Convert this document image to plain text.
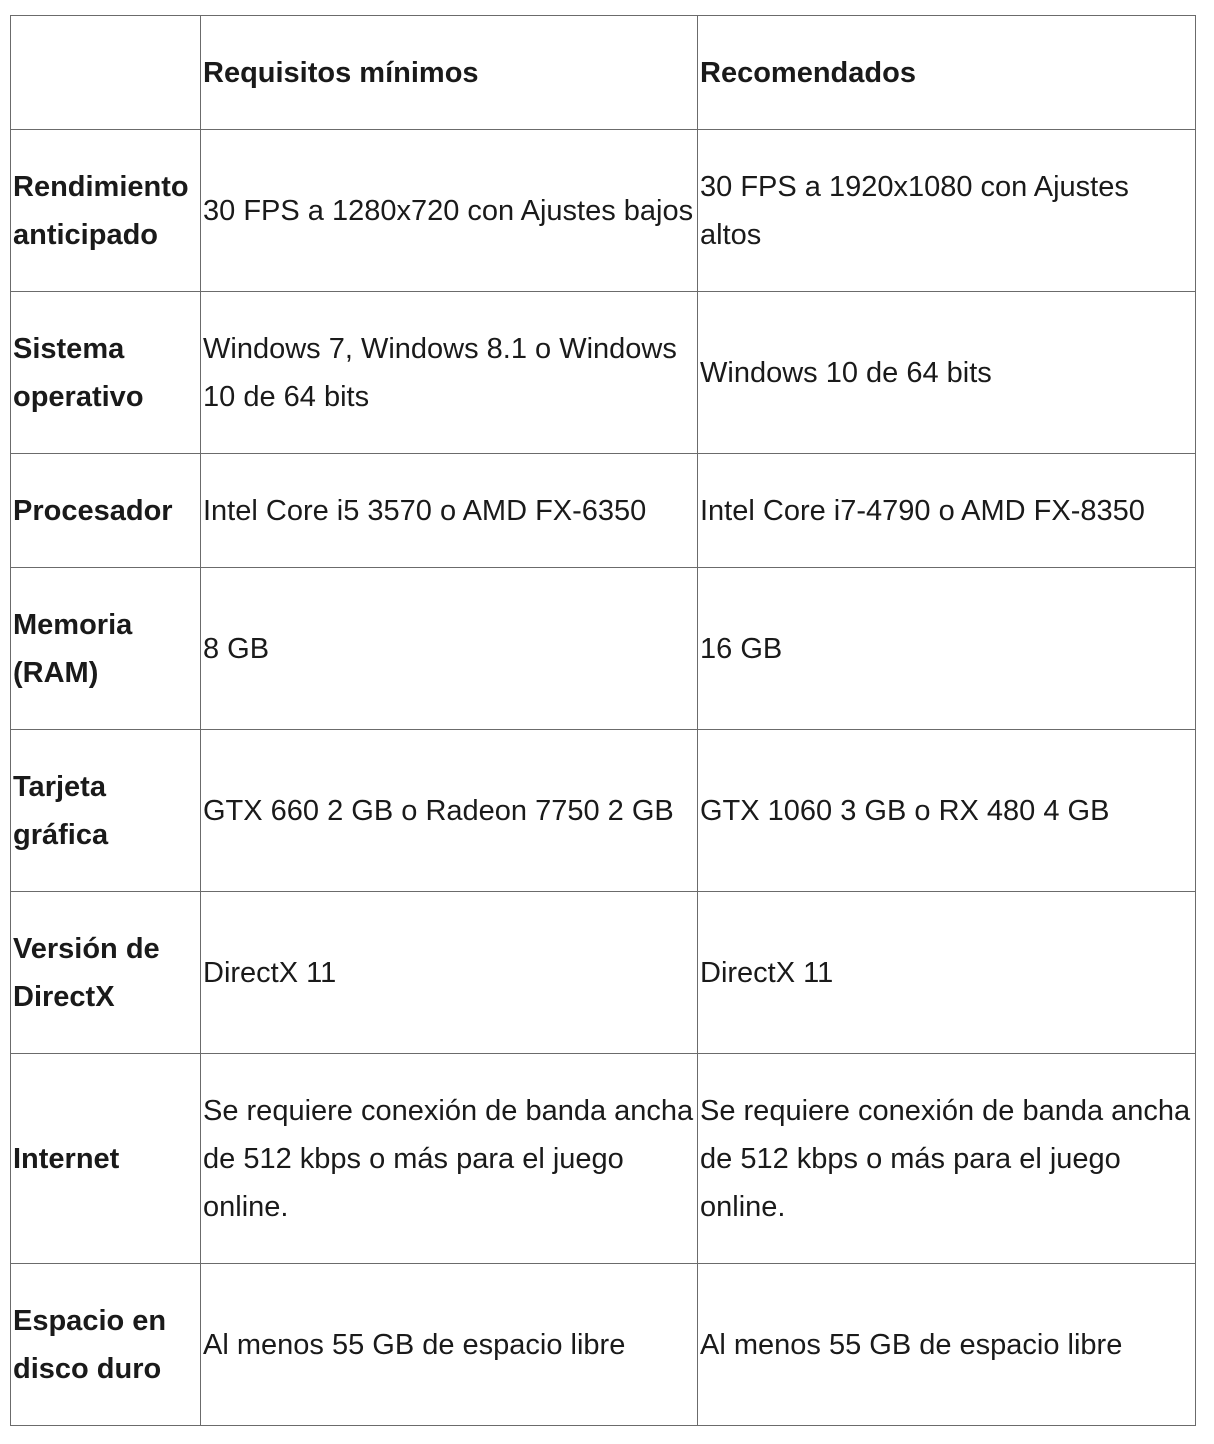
	Requisitos mínimos	Recomendados
Rendimiento anticipado	30 FPS a 1280x720 con Ajustes bajos	30 FPS a 1920x1080 con Ajustes altos
Sistema operativo	Windows 7, Windows 8.1 o Windows 10 de 64 bits	Windows 10 de 64 bits
Procesador	Intel Core i5 3570 o AMD FX-6350	Intel Core i7-4790 o AMD FX-8350
Memoria (RAM)	8 GB	16 GB
Tarjeta gráfica	GTX 660 2 GB o Radeon 7750 2 GB	GTX 1060 3 GB o RX 480 4 GB
Versión de DirectX	DirectX 11	DirectX 11
Internet	Se requiere conexión de banda ancha de 512 kbps o más para el juego online.	Se requiere conexión de banda ancha de 512 kbps o más para el juego online.
Espacio en disco duro	Al menos 55 GB de espacio libre	Al menos 55 GB de espacio libre
